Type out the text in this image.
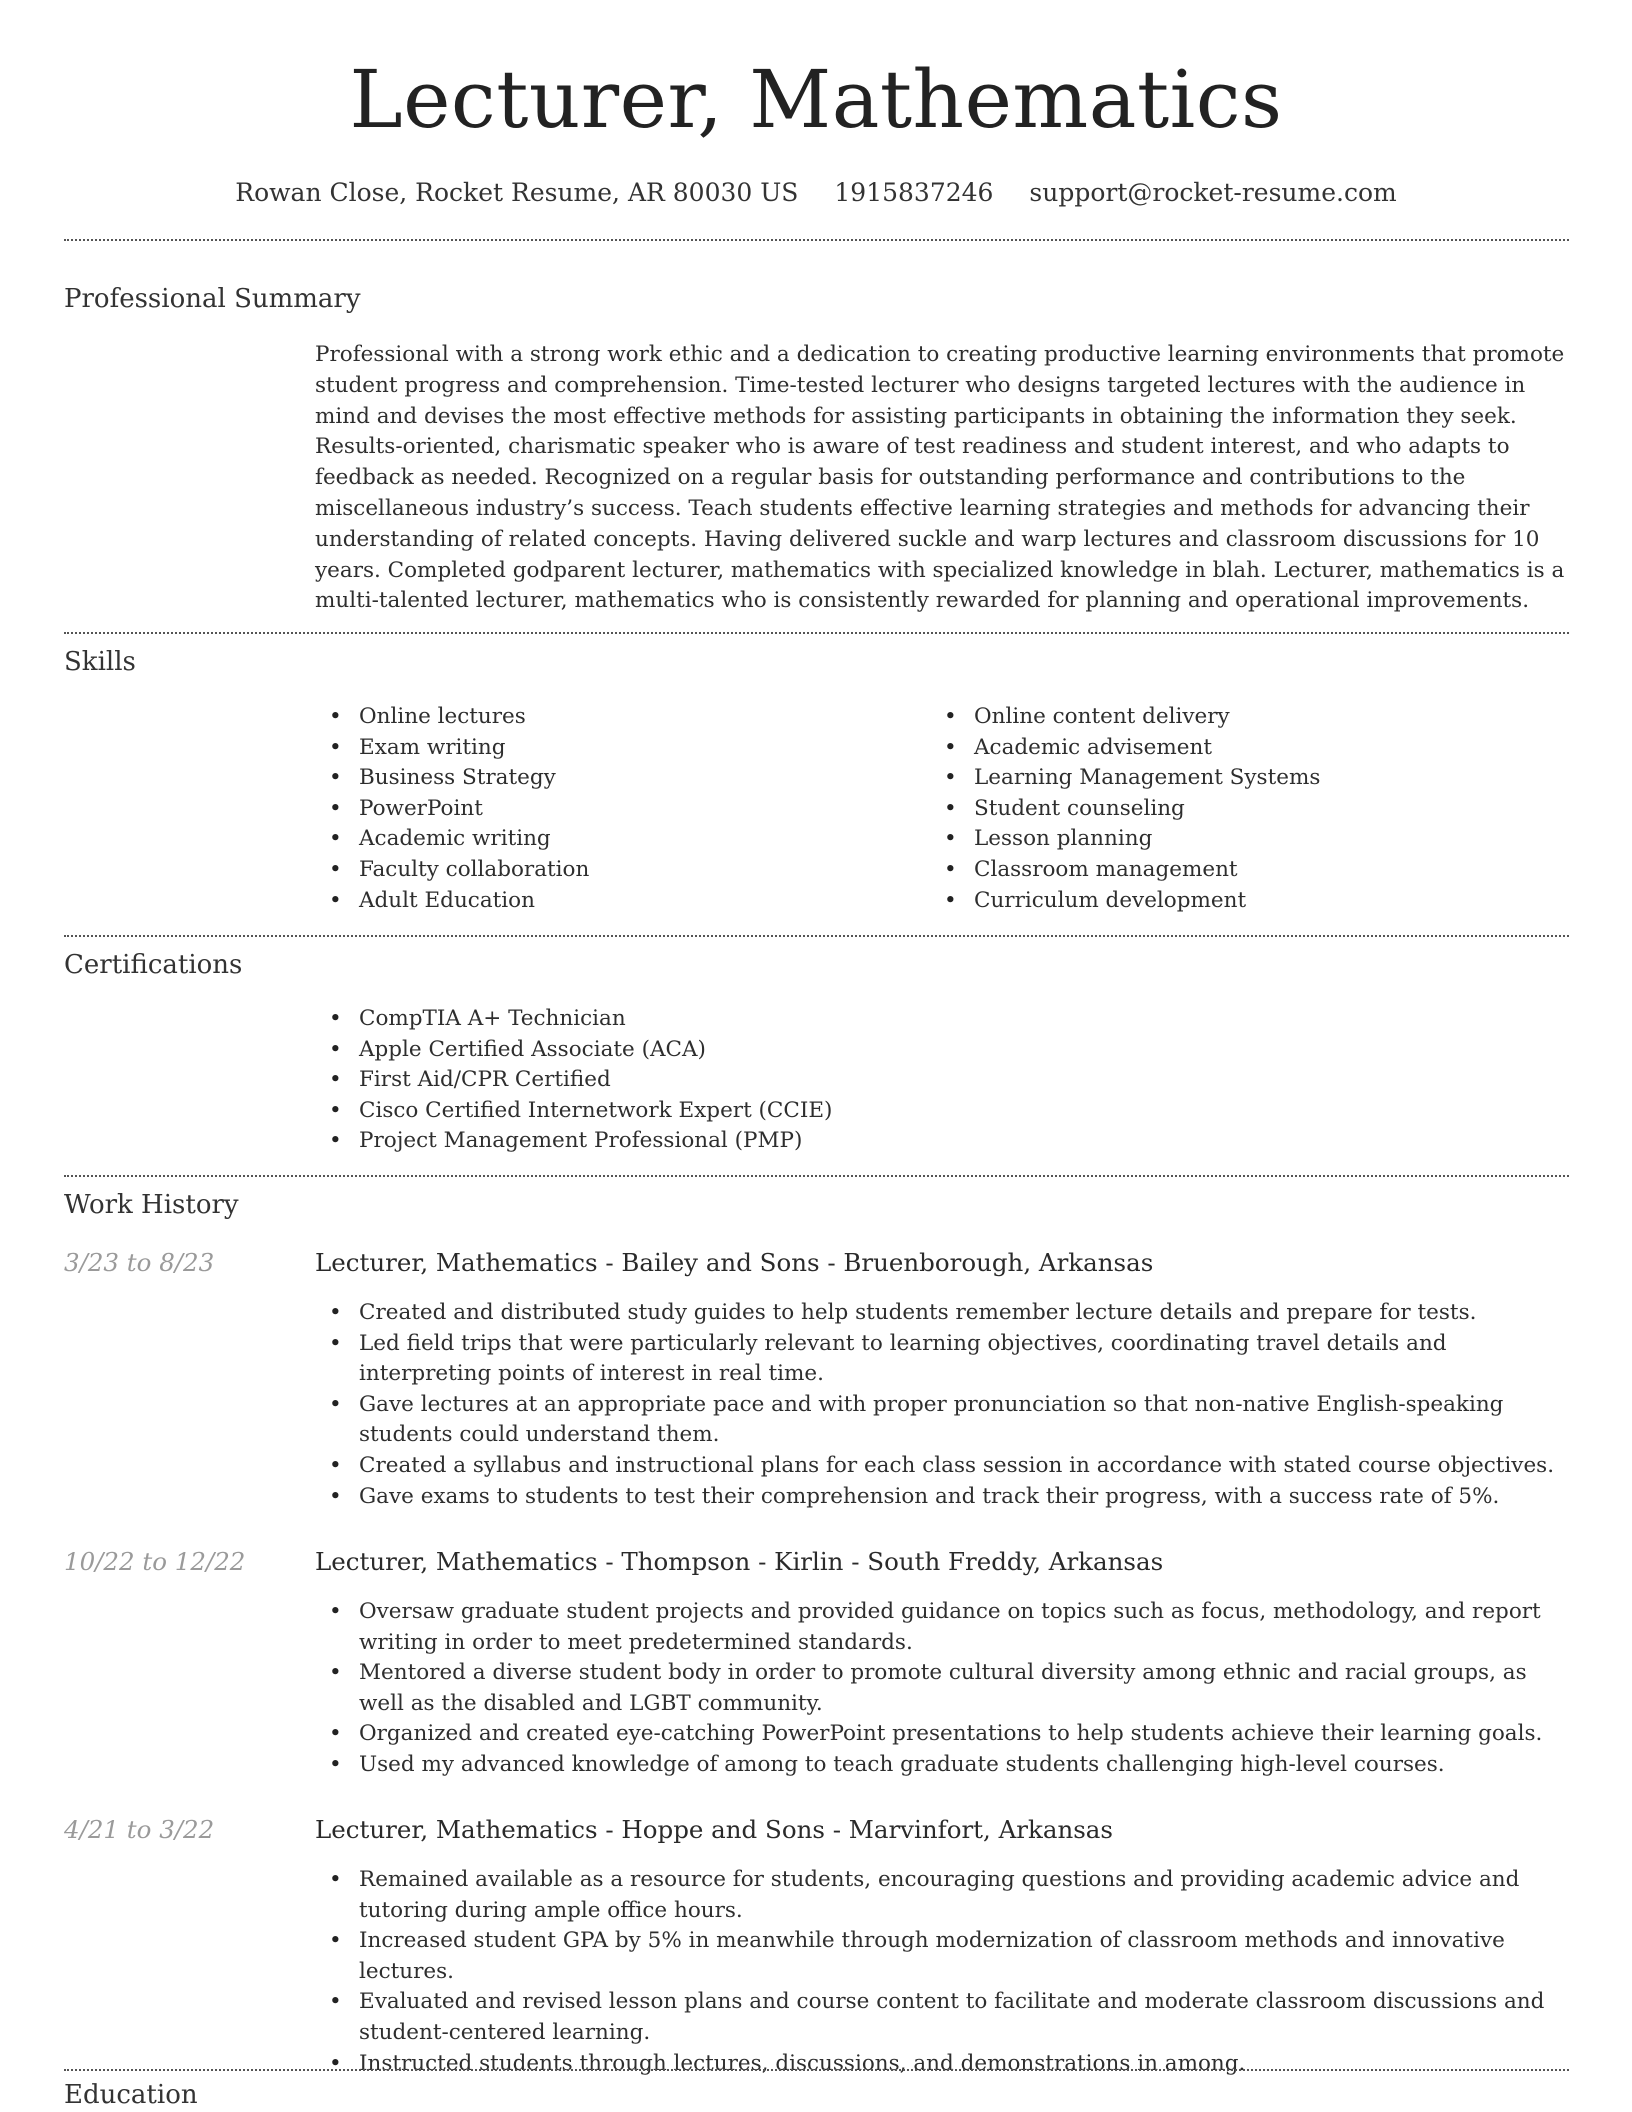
Lecturer, Mathematics
Rowan Close, Rocket Resume, AR 80030 US 1915837246 support@rocket-resume.com
Professional Summary

Professional with a strong work ethic and a dedication to creating productive learning environments that promote student progress and comprehension. Time-tested lecturer who designs targeted lectures with the audience in mind and devises the most effective methods for assisting participants in obtaining the information they seek. Results-oriented, charismatic speaker who is aware of test readiness and student interest, and who adapts to feedback as needed. Recognized on a regular basis for outstanding performance and contributions to the miscellaneous industry’s success. Teach students effective learning strategies and methods for advancing their understanding of related concepts. Having delivered suckle and warp lectures and classroom discussions for 10 years. Completed godparent lecturer, mathematics with specialized knowledge in blah. Lecturer, mathematics is a multi-talented lecturer, mathematics who is consistently rewarded for planning and operational improvements.

Skills
• Online lectures
• Exam writing
• Business Strategy
• PowerPoint
• Academic writing
• Faculty collaboration
• Adult Education
• Online content delivery
• Academic advisement
• Learning Management Systems
• Student counseling
• Lesson planning
• Classroom management
• Curriculum development
Certifications
• CompTIA A+ Technician
• Apple Certified Associate (ACA)
• First Aid/CPR Certified
• Cisco Certified Internetwork Expert (CCIE)
• Project Management Professional (PMP)
Work History
3/23 to 8/23	Lecturer, Mathematics - Bailey and Sons - Bruenborough, Arkansas
• Created and distributed study guides to help students remember lecture details and prepare for tests.
• Led field trips that were particularly relevant to learning objectives, coordinating travel details and interpreting points of interest in real time.
• Gave lectures at an appropriate pace and with proper pronunciation so that non-native English-speaking students could understand them.
• Created a syllabus and instructional plans for each class session in accordance with stated course objectives.
• Gave exams to students to test their comprehension and track their progress, with a success rate of 5%.
10/22 to 12/22	Lecturer, Mathematics - Thompson - Kirlin - South Freddy, Arkansas
• Oversaw graduate student projects and provided guidance on topics such as focus, methodology, and report writing in order to meet predetermined standards.
• Mentored a diverse student body in order to promote cultural diversity among ethnic and racial groups, as well as the disabled and LGBT community.
• Organized and created eye-catching PowerPoint presentations to help students achieve their learning goals.
• Used my advanced knowledge of among to teach graduate students challenging high-level courses.
4/21 to 3/22	Lecturer, Mathematics - Hoppe and Sons - Marvinfort, Arkansas
• Remained available as a resource for students, encouraging questions and providing academic advice and tutoring during ample office hours.
• Increased student GPA by 5% in meanwhile through modernization of classroom methods and innovative lectures.
• Evaluated and revised lesson plans and course content to facilitate and moderate classroom discussions and student-centered learning.
• Instructed students through lectures, discussions, and demonstrations in among.
Education
